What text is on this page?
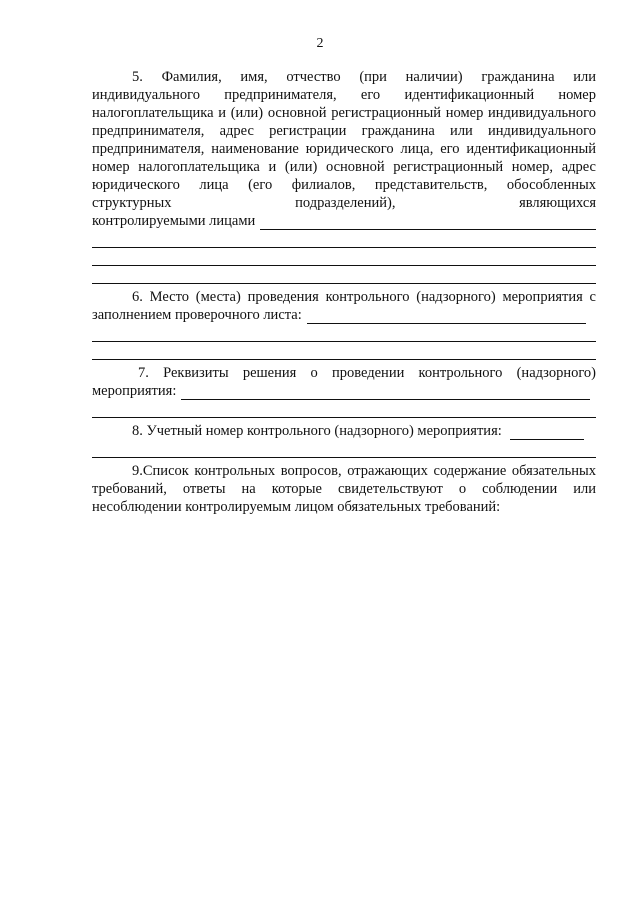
2
5. Фамилия, имя, отчество (при наличии) гражданина или индивидуального предпринимателя, его идентификационный номер налогоплательщика и (или) основной регистрационный номер индивидуального предпринимателя, адрес регистрации гражданина или индивидуального предпринимателя, наименование юридического лица, его идентификационный номер налогоплательщика и (или) основной регистрационный номер, адрес юридического лица (его филиалов, представительств, обособленных структурных подразделений), являющихся
контролируемыми лицами
6. Место (места) проведения контрольного (надзорного) мероприятия с
заполнением проверочного листа:
7. Реквизиты решения о проведении контрольного (надзорного)
мероприятия:
8. Учетный номер контрольного (надзорного) мероприятия:
9.Список контрольных вопросов, отражающих содержание обязательных требований, ответы на которые свидетельствуют о соблюдении или несоблюдении контролируемым лицом обязательных требований:
